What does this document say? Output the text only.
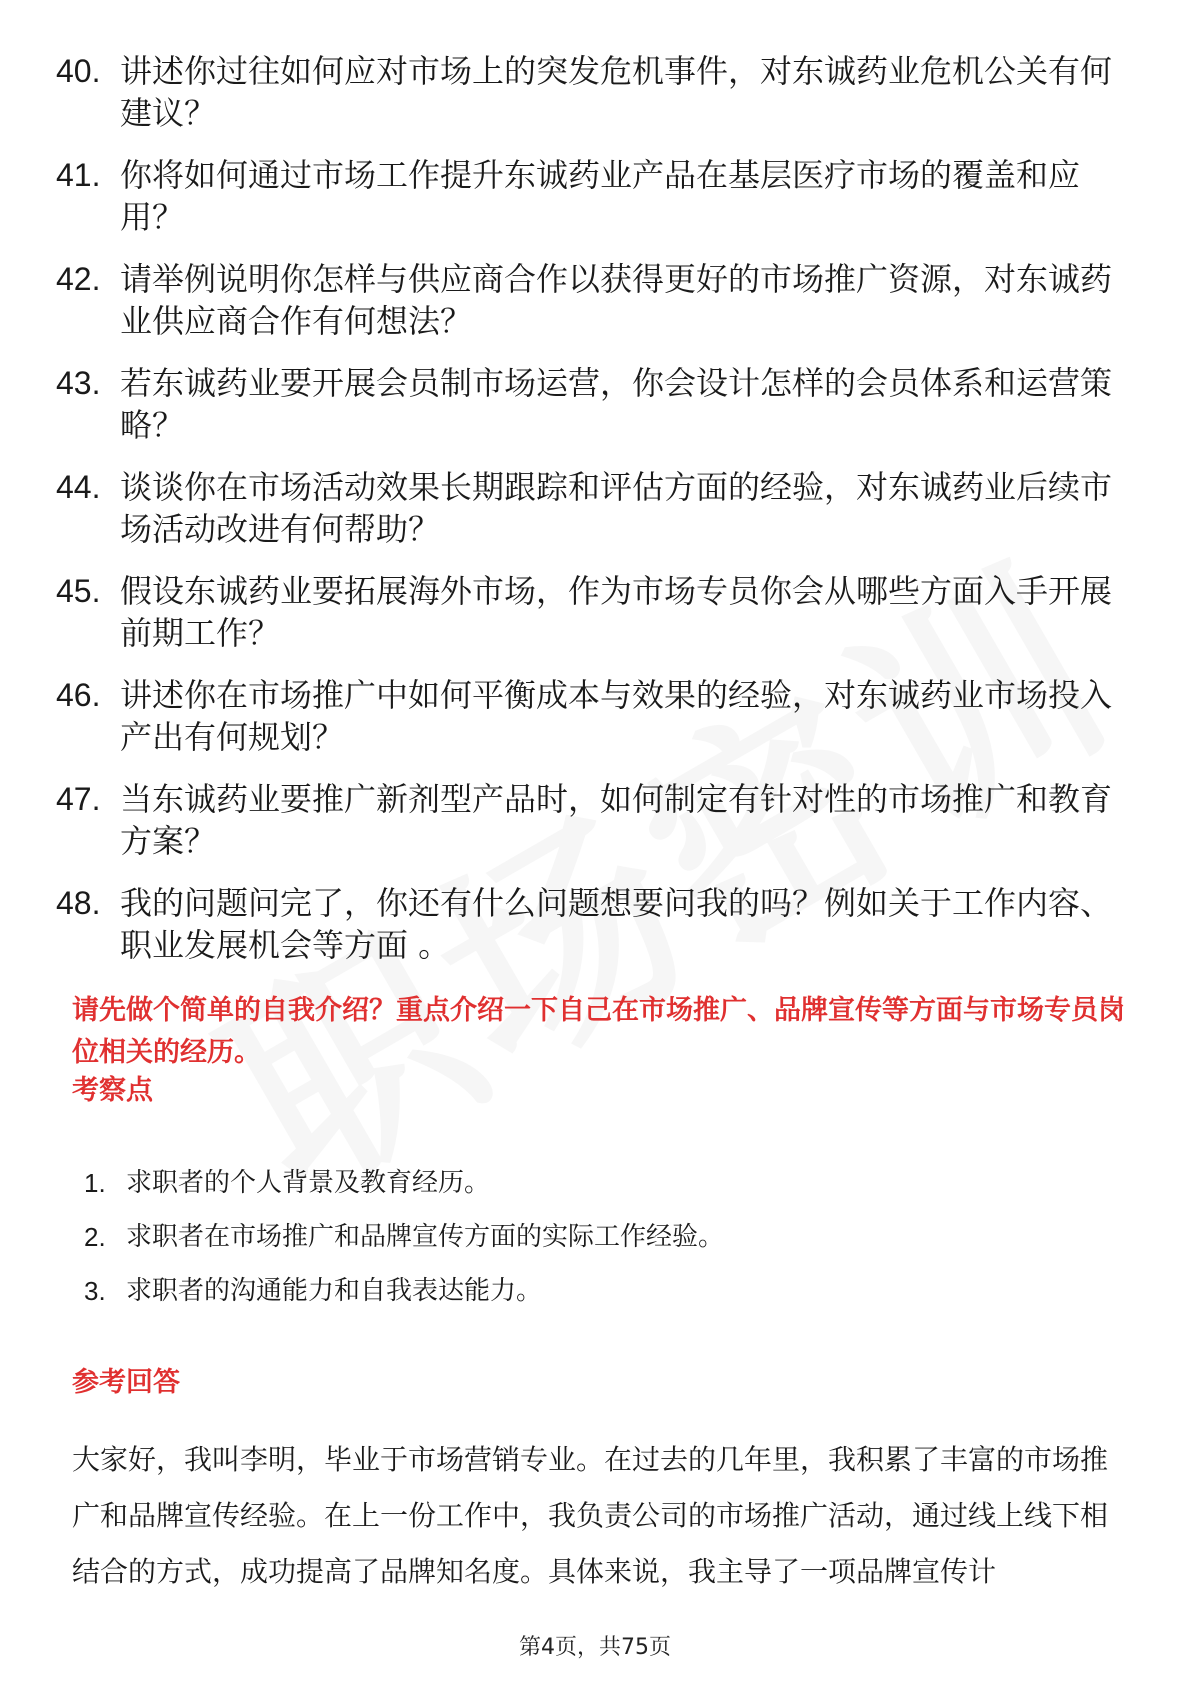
40. 讲述你过往如何应对市场上的突发危机事件，对东诚药业危机公关有何建议？
41. 你将如何通过市场工作提升东诚药业产品在基层医疗市场的覆盖和应用？
42. 请举例说明你怎样与供应商合作以获得更好的市场推广资源，对东诚药业供应商合作有何想法？
43. 若东诚药业要开展会员制市场运营，你会设计怎样的会员体系和运营策略？
44. 谈谈你在市场活动效果长期跟踪和评估方面的经验，对东诚药业后续市场活动改进有何帮助？
45. 假设东诚药业要拓展海外市场，作为市场专员你会从哪些方面入手开展前期工作？
46. 讲述你在市场推广中如何平衡成本与效果的经验，对东诚药业市场投入产出有何规划？
47. 当东诚药业要推广新剂型产品时，如何制定有针对性的市场推广和教育方案？
48. 我的问题问完了，你还有什么问题想要问我的吗？例如关于工作内容、职业发展机会等方面 。
请先做个简单的自我介绍？重点介绍一下自己在市场推广、品牌宣传等方面与市场专员岗位相关的经历。
考察点
1. 求职者的个人背景及教育经历。
2. 求职者在市场推广和品牌宣传方面的实际工作经验。
3. 求职者的沟通能力和自我表达能力。
参考回答
大家好，我叫李明，毕业于市场营销专业。在过去的几年里，我积累了丰富的市场推广和品牌宣传经验。在上一份工作中，我负责公司的市场推广活动，通过线上线下相结合的方式，成功提高了品牌知名度。具体来说，我主导了一项品牌宣传计
第4页，共75页
